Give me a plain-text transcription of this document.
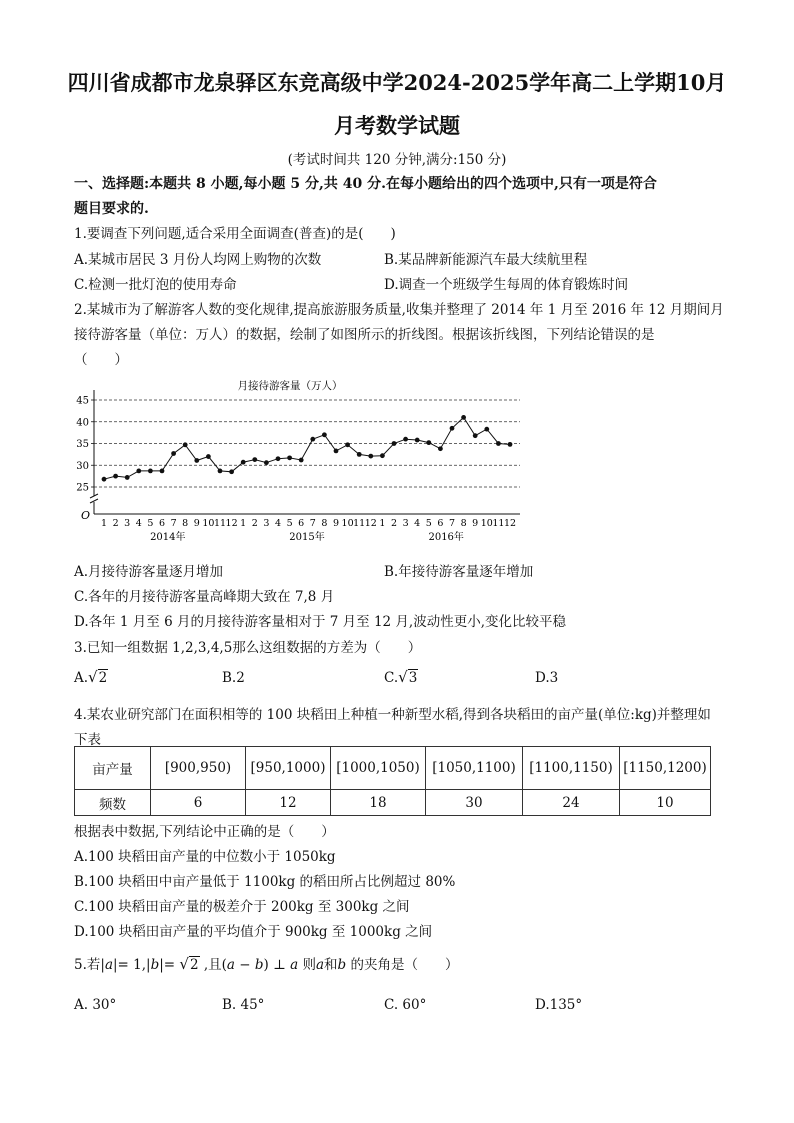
四川省成都市龙泉驿区东竞高级中学2024-2025学年高二上学期10月
月考数学试题
(考试时间共 120 分钟,满分:150 分)
一、选择题:本题共 8 小题,每小题 5 分,共 40 分.在每小题给出的四个选项中,只有一项是符合
题目要求的.
1.要调查下列问题,适合采用全面调查(普查)的是(　　)
A.某城市居民 3 月份人均网上购物的次数	B.某品牌新能源汽车最大续航里程
C.检测一批灯泡的使用寿命	D.调查一个班级学生每周的体育锻炼时间
2.某城市为了解游客人数的变化规律,提高旅游服务质量,收集并整理了 2014 年 1 月至 2016 年 12 月期间月
接待游客量（单位：万人）的数据，绘制了如图所示的折线图。根据该折线图，下列结论错误的是
（　　）
月接待游客量（万人）
O
25
30
35
40
45
1 2 3 4 5 6 7 8 9 10 11 12 1 2 3 4 5 6 7 8 9 10 11 12 1 2 3 4 5 6 7 8 9 10 11 12
2014年	2015年	2016年
A.月接待游客量逐月增加	B.年接待游客量逐年增加
C.各年的月接待游客量高峰期大致在 7,8 月
D.各年 1 月至 6 月的月接待游客量相对于 7 月至 12 月,波动性更小,变化比较平稳
3.已知一组数据 1,2,3,4,5那么这组数据的方差为（　　）
A.√2	B.2	C.√3	D.3
4.某农业研究部门在面积相等的 100 块稻田上种植一种新型水稻,得到各块稻田的亩产量(单位:kg)并整理如
下表
亩产量	[900,950)	[950,1000)	[1000,1050)	[1050,1100)	[1100,1150)	[1150,1200)
频数	6	12	18	30	24	10
根据表中数据,下列结论中正确的是（　　）
A.100 块稻田亩产量的中位数小于 1050kg
B.100 块稻田中亩产量低于 1100kg 的稻田所占比例超过 80%
C.100 块稻田亩产量的极差介于 200kg 至 300kg 之间
D.100 块稻田亩产量的平均值介于 900kg 至 1000kg 之间
5.若|a|= 1,|b|= √2 ,且(a − b) ⊥ a 则a和b 的夹角是（　　）
A. 30°	B. 45°	C. 60°	D.135°
